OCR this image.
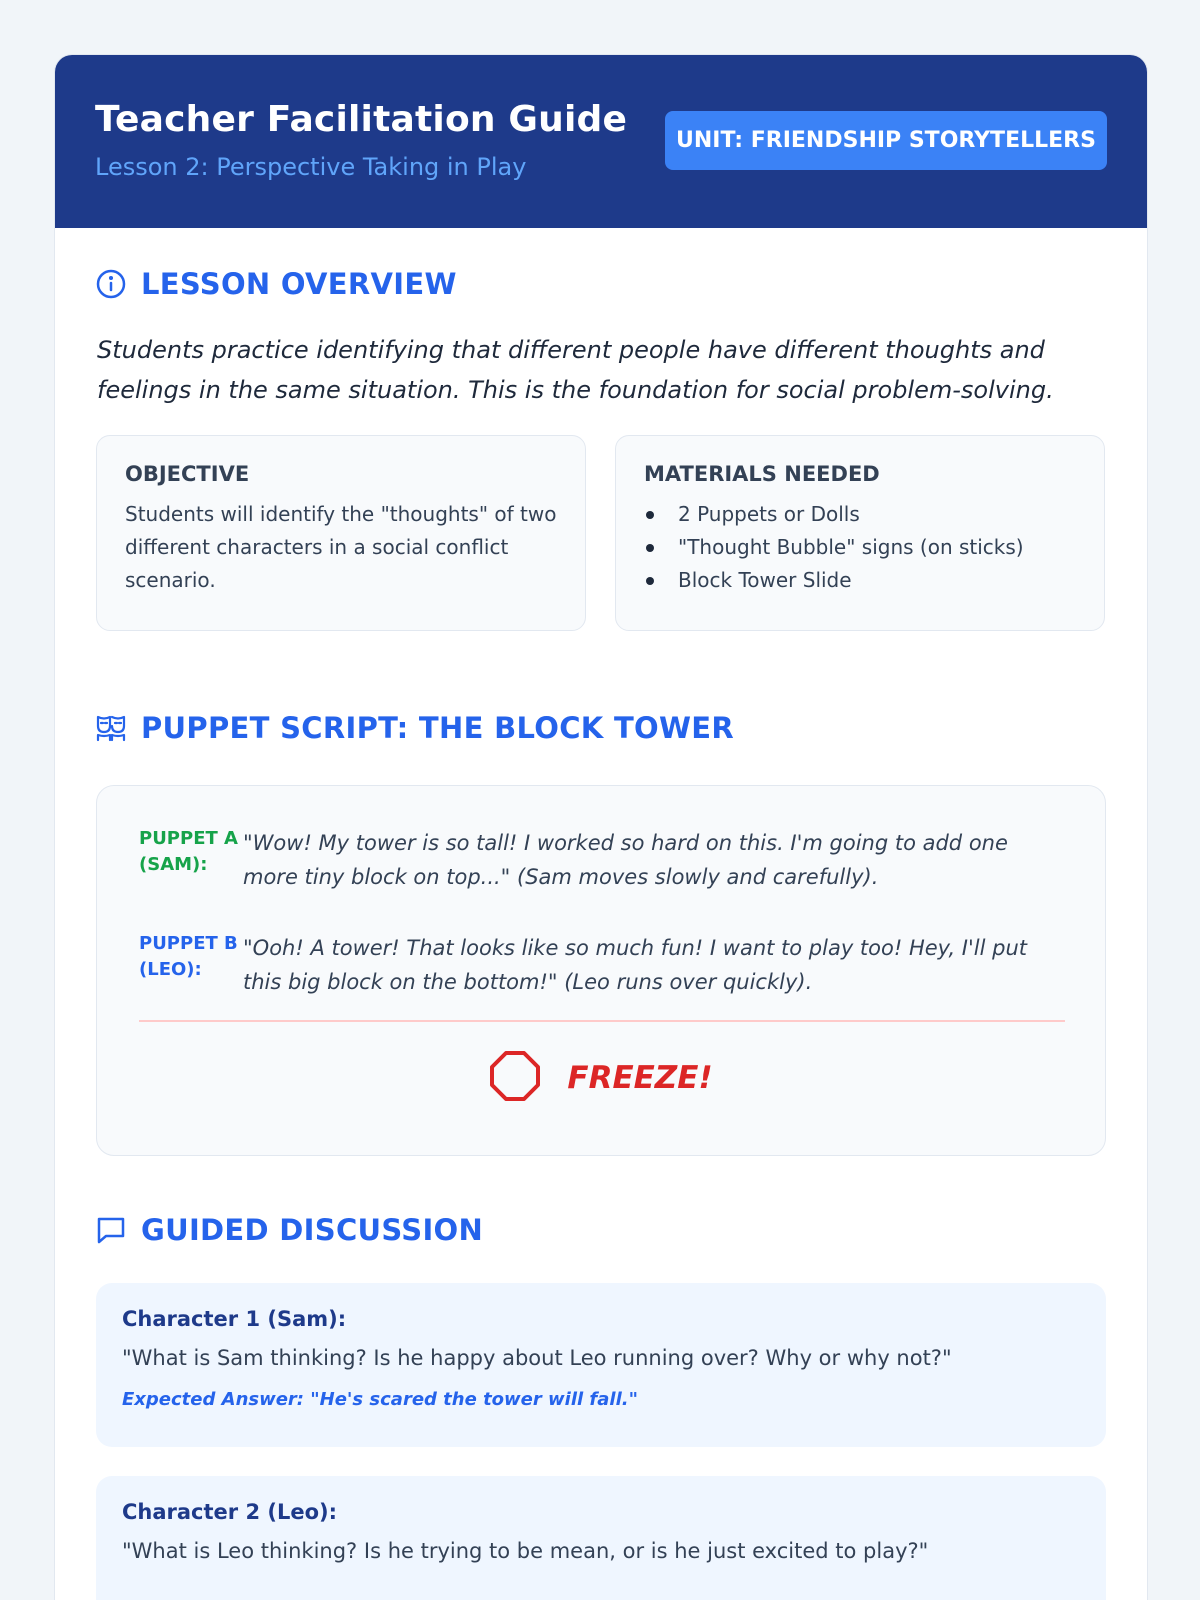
Teacher Facilitation Guide
Lesson 2: Perspective Taking in Play
UNIT: FRIENDSHIP STORYTELLERS
LESSON OVERVIEW
Students practice identifying that different people have different thoughts and feelings in the same situation. This is the foundation for social problem-solving.
OBJECTIVE

Students will identify the "thoughts" of two different characters in a social conflict scenario.

MATERIALS NEEDED
2 Puppets or Dolls
"Thought Bubble" signs (on sticks)
Block Tower Slide
PUPPET SCRIPT: THE BLOCK TOWER
PUPPET A (SAM):
"Wow! My tower is so tall! I worked so hard on this. I'm going to add one more tiny block on top..." (Sam moves slowly and carefully).
PUPPET B (LEO):
"Ooh! A tower! That looks like so much fun! I want to play too! Hey, I'll put this big block on the bottom!" (Leo runs over quickly).
FREEZE!
GUIDED DISCUSSION
Character 1 (Sam):
"What is Sam thinking? Is he happy about Leo running over? Why or why not?"
Expected Answer: "He's scared the tower will fall."
Character 2 (Leo):
"What is Leo thinking? Is he trying to be mean, or is he just excited to play?"
